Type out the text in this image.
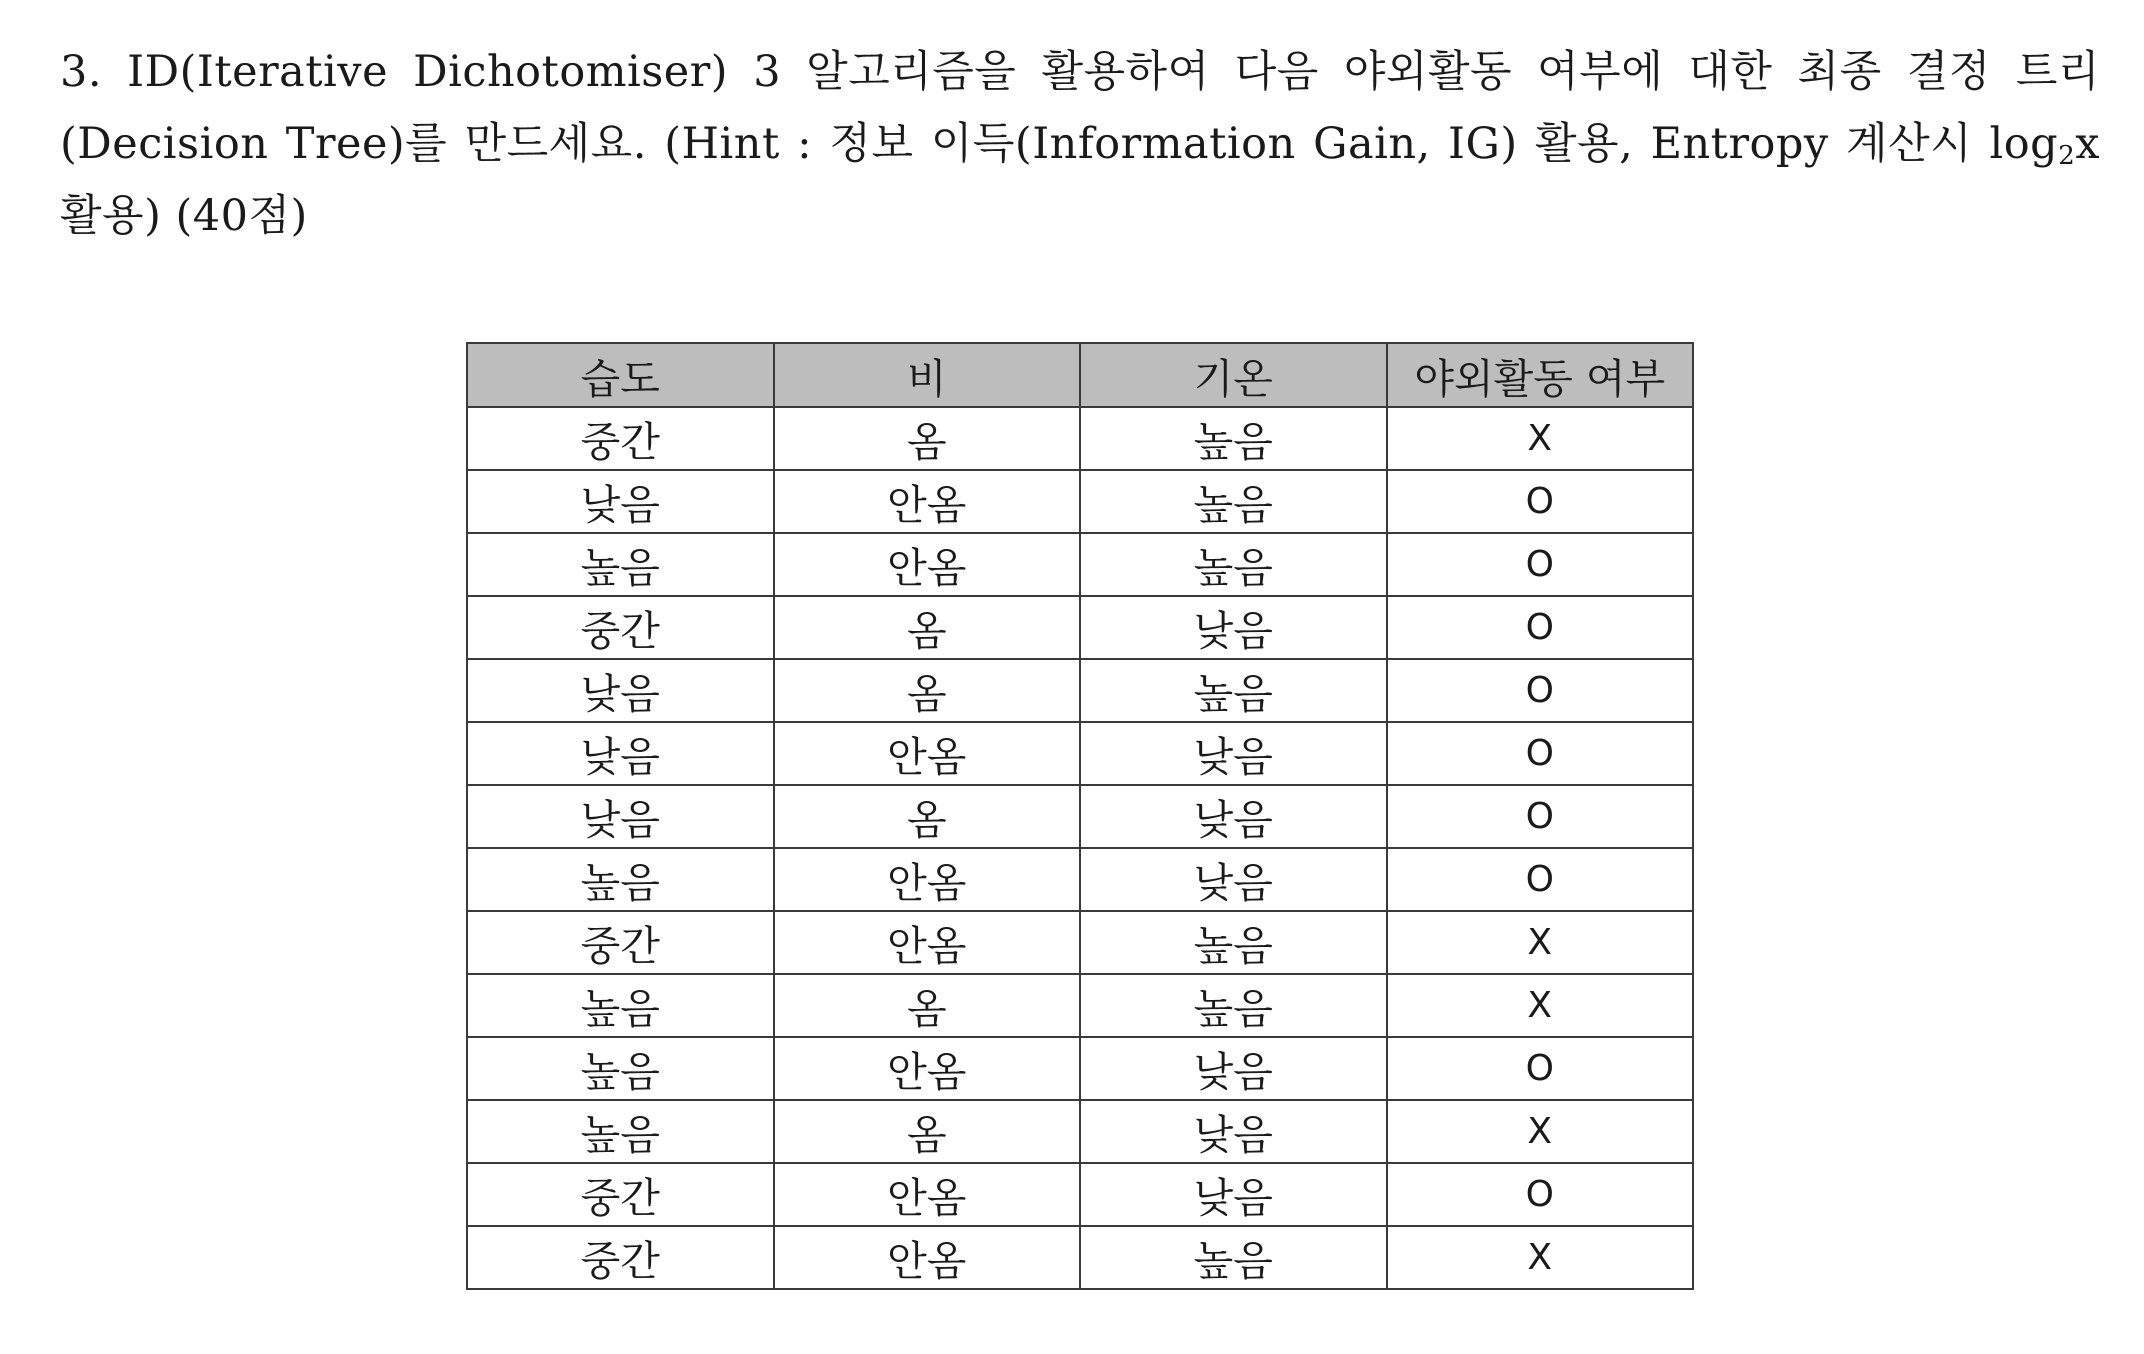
3. ID(Iterative Dichotomiser) 3 알고리즘을 활용하여 다음 야외활동 여부에 대한 최종 결정 트리
(Decision Tree)를 만드세요. (Hint : 정보 이득(Information Gain, IG) 활용, Entropy 계산시 $\log_2x$
활용) (40점)
습도	비	기온	야외활동 여부
중간	옴	높음	X
낮음	안옴	높음	O
높음	안옴	높음	O
중간	옴	낮음	O
낮음	옴	높음	O
낮음	안옴	낮음	O
낮음	옴	낮음	O
높음	안옴	낮음	O
중간	안옴	높음	X
높음	옴	높음	X
높음	안옴	낮음	O
높음	옴	낮음	X
중간	안옴	낮음	O
중간	안옴	높음	X
